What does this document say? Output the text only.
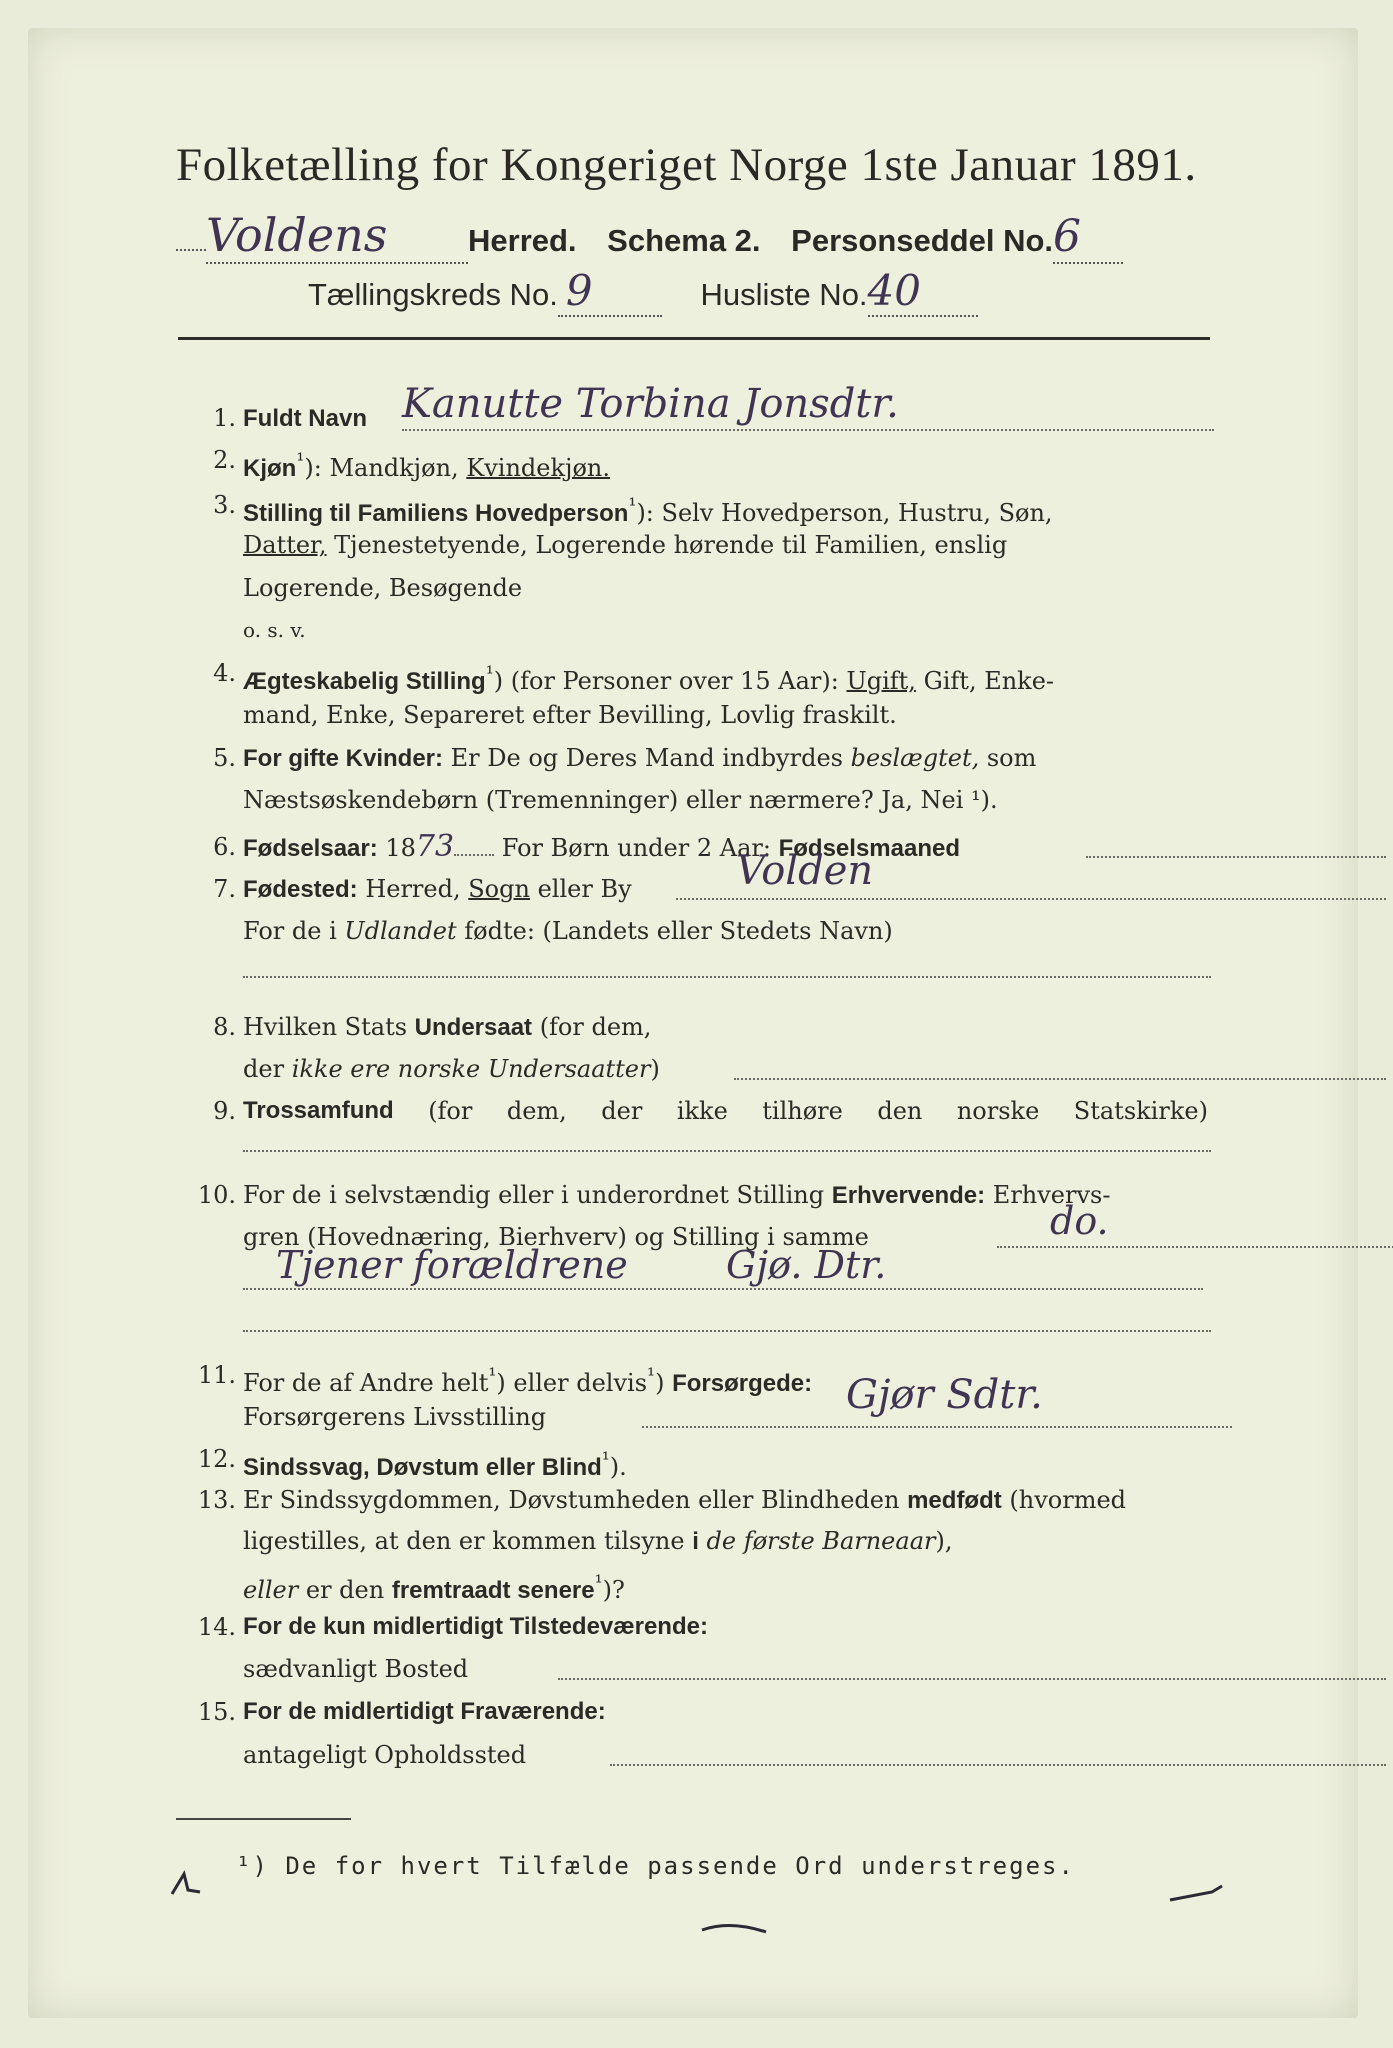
Folketælling for Kongeriget Norge 1ste Januar 1891.
Voldens	Herred. Schema 2. Personseddel No.6
Tællingskreds No. 9	Husliste No.40
1. Fuldt Navn Kanutte Torbina Jonsdtr.
2. Kjøn$^{^1}$): Mandkjøn, Kvindekjøn.
3. Stilling til Familiens Hovedperson$^{^1}$): Selv Hovedperson, Hustru, Søn,
Datter, Tjenestetyende, Logerende hørende til Familien, enslig
Logerende, Besøgende
o. s. v.
4. Ægteskabelig Stilling$^{^1}$) (for Personer over 15 Aar): Ugift, Gift, Enke-
mand, Enke, Separeret efter Bevilling, Lovlig fraskilt.
5. For gifte Kvinder: Er De og Deres Mand indbyrdes beslægtet, som
Næstsøskendebørn (Tremenninger) eller nærmere? Ja, Nei ¹).
6. Fødselsaar: 1873 For Børn under 2 Aar: Fødselsmaaned
7. Fødested: Herred, Sogn eller By	Volden
For de i Udlandet fødte: (Landets eller Stedets Navn)
8. Hvilken Stats Undersaat (for dem,
der ikke ere norske Undersaatter)
9. Trossamfund (for dem, der ikke tilhøre den norske Statskirke)
10. For de i selvstændig eller i underordnet Stilling Erhvervende: Erhvervs-
gren (Hovednæring, Bierhverv) og Stilling i samme	do.
Tjener forældrene	Gjø. Dtr.
11. For de af Andre helt$^{^1}$) eller delvis$^{^1}$) Forsørgede:
Forsørgerens Livsstilling	Gjør Sdtr.
12. Sindssvag, Døvstum eller Blind$^{^1}$).
13. Er Sindssygdommen, Døvstumheden eller Blindheden medfødt (hvormed
ligestilles, at den er kommen tilsyne i de første Barneaar),
eller er den fremtraadt senere$^{^1}$)?
14. For de kun midlertidigt Tilstedeværende:
sædvanligt Bosted
15. For de midlertidigt Fraværende:
antageligt Opholdssted
¹) De for hvert Tilfælde passende Ord understreges.
